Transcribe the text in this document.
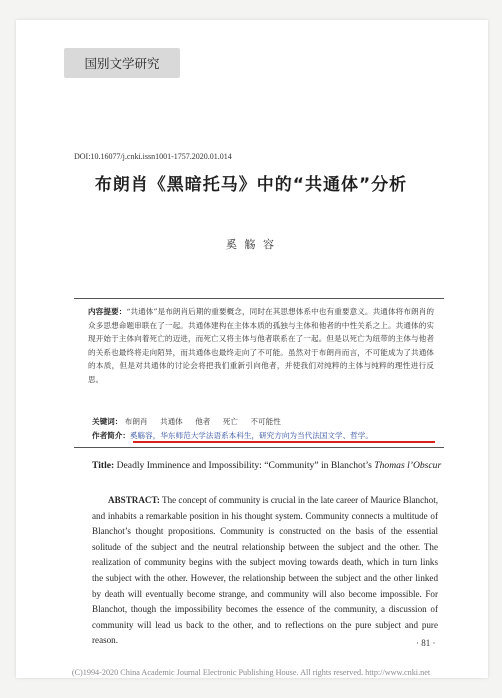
国别文学研究
DOI:10.16077/j.cnki.issn1001-1757.2020.01.014
布朗肖《黑暗托马》中的“共通体”分析
奚 觞 容
内容提要：“共通体”是布朗肖后期的重要概念，同时在其思想体系中也有重要意义。共通体将布朗肖的众多思想命题串联在了一起。共通体建构在主体本质的孤独与主体和他者的中性关系之上。共通体的实现开始于主体向着死亡的迈进，而死亡又将主体与他者联系在了一起。但是以死亡为纽带的主体与他者的关系也最终将走向陌异，而共通体也最终走向了不可能。虽然对于布朗肖而言，不可能成为了共通体的本质，但是对共通体的讨论会将把我们重新引向他者，并使我们对纯粹的主体与纯粹的理性进行反思。
关键词： 布朗肖 共通体 他者 死亡 不可能性
作者简介：奚觞容，华东师范大学法语系本科生，研究方向为当代法国文学、哲学。
Title: Deadly Imminence and Impossibility: “Community” in Blanchot’s Thomas l’Obscur
ABSTRACT: The concept of community is crucial in the late career of Maurice Blanchot, and inhabits a remarkable position in his thought system. Community connects a multitude of Blanchot’s thought propositions. Community is constructed on the basis of the essential solitude of the subject and the neutral relationship between the subject and the other. The realization of community begins with the subject moving towards death, which in turn links the subject with the other. However, the relationship between the subject and the other linked by death will eventually become strange, and community will also become impossible. For Blanchot, though the impossibility becomes the essence of the community, a discussion of community will lead us back to the other, and to reflections on the pure subject and pure reason.	· 81 ·
(C)1994-2020 China Academic Journal Electronic Publishing House. All rights reserved. http://www.cnki.net
